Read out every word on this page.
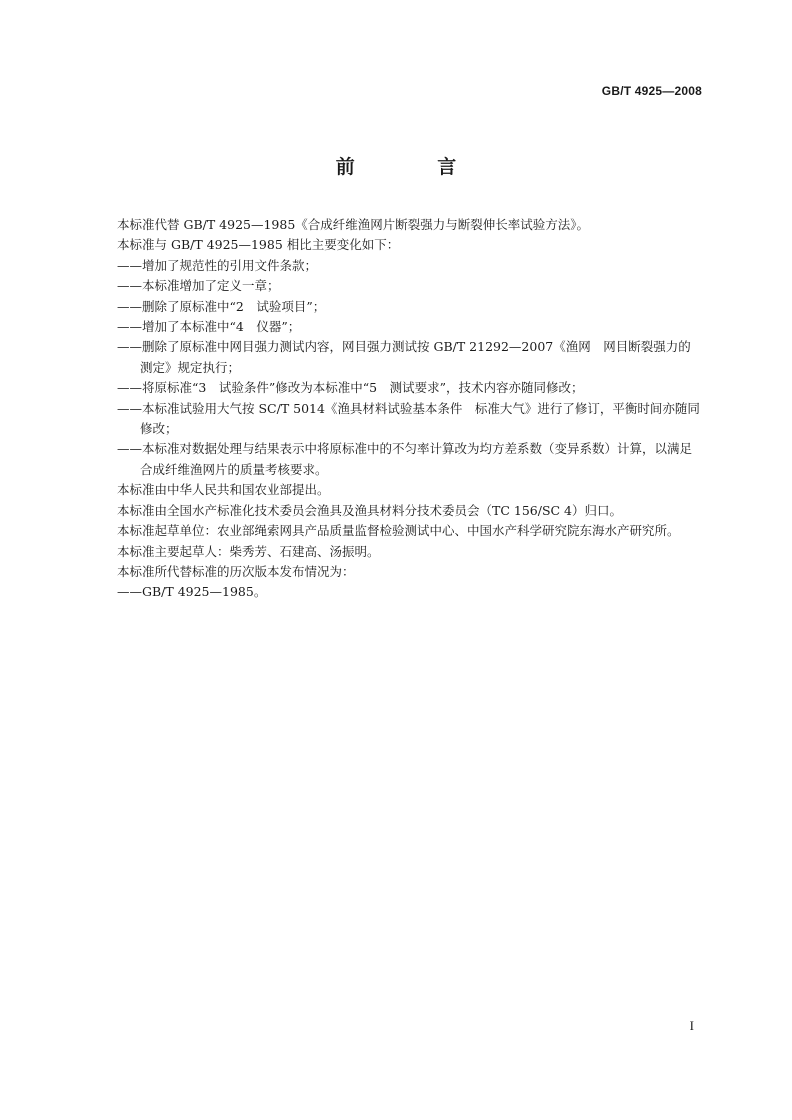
GB/T 4925—2008
前 言

本标准代替 GB/T 4925—1985《合成纤维渔网片断裂强力与断裂伸长率试验方法》。

本标准与 GB/T 4925—1985 相比主要变化如下：

——增加了规范性的引用文件条款；

——本标准增加了定义一章；

——删除了原标准中“2　试验项目”；

——增加了本标准中“4　仪器”；

——删除了原标准中网目强力测试内容，网目强力测试按 GB/T 21292—2007《渔网　网目断裂强力的测定》规定执行；

——将原标准“3　试验条件”修改为本标准中“5　测试要求”，技术内容亦随同修改；

——本标准试验用大气按 SC/T 5014《渔具材料试验基本条件　标准大气》进行了修订，平衡时间亦随同修改；

——本标准对数据处理与结果表示中将原标准中的不匀率计算改为均方差系数（变异系数）计算，以满足合成纤维渔网片的质量考核要求。

本标准由中华人民共和国农业部提出。

本标准由全国水产标准化技术委员会渔具及渔具材料分技术委员会（TC 156/SC 4）归口。

本标准起草单位：农业部绳索网具产品质量监督检验测试中心、中国水产科学研究院东海水产研究所。

本标准主要起草人：柴秀芳、石建高、汤振明。

本标准所代替标准的历次版本发布情况为：

——GB/T 4925—1985。

I
